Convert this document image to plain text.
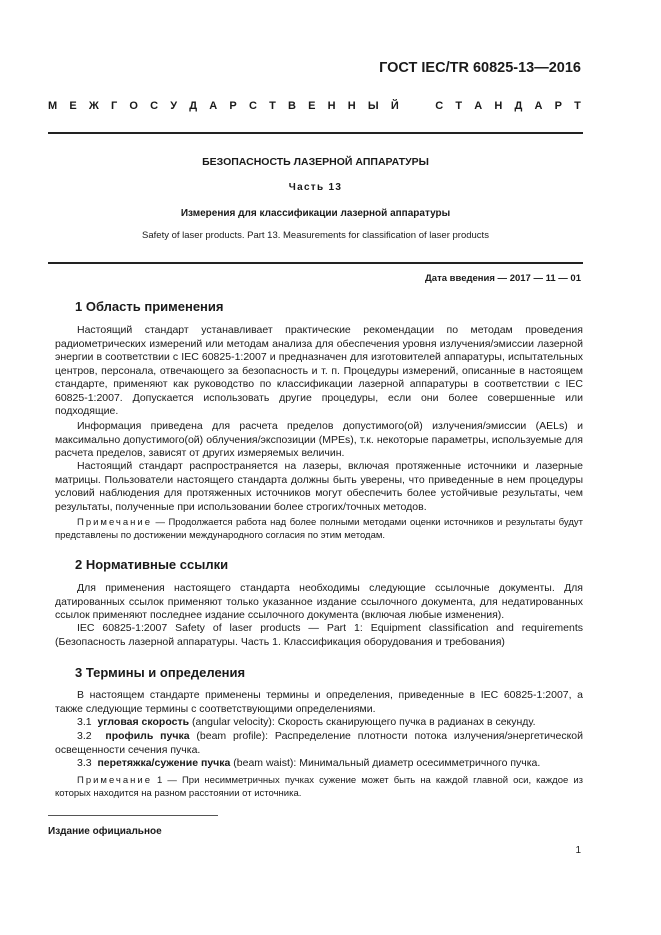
ГОСТ IEC/TR 60825-13—2016
М Е Ж Г О С У Д А Р С Т В Е Н Н Ы Й	С Т А Н Д А Р Т
БЕЗОПАСНОСТЬ ЛАЗЕРНОЙ АППАРАТУРЫ
Часть 13
Измерения для классификации лазерной аппаратуры
Safety of laser products. Part 13. Measurements for classification of laser products
Дата введения — 2017 — 11 — 01
1 Область применения

Настоящий стандарт устанавливает практические рекомендации по методам проведения радиометрических измерений или методам анализа для обеспечения уровня излучения/эмиссии лазерной энергии в соответствии с IEC 60825-1:2007 и предназначен для изготовителей аппаратуры, испытательных центров, персонала, отвечающего за безопасность и т. п. Процедуры измерений, описанные в настоящем стандарте, применяют как руководство по классификации лазерной аппаратуры в соответствии с IEC 60825-1:2007. Допускается использовать другие процедуры, если они более совершенные или подходящие.

Информация приведена для расчета пределов допустимого(ой) излучения/эмиссии (AELs) и максимально допустимого(ой) облучения/экспозиции (MPEs), т.к. некоторые параметры, используемые для расчета пределов, зависят от других измеряемых величин.

Настоящий стандарт распространяется на лазеры, включая протяженные источники и лазерные матрицы. Пользователи настоящего стандарта должны быть уверены, что приведенные в нем процедуры условий наблюдения для протяженных источников могут обеспечить более устойчивые результаты, чем результаты, полученные при использовании более строгих/точных методов.

Примечание — Продолжается работа над более полными методами оценки источников и результаты будут представлены по достижении международного согласия по этим методам.

2 Нормативные ссылки

Для применения настоящего стандарта необходимы следующие ссылочные документы. Для датированных ссылок применяют только указанное издание ссылочного документа, для недатированных ссылок применяют последнее издание ссылочного документа (включая любые изменения).

IEC 60825-1:2007 Safety of laser products — Part 1: Equipment classification and requirements (Безопасность лазерной аппаратуры. Часть 1. Классификация оборудования и требования)

3 Термины и определения

В настоящем стандарте применены термины и определения, приведенные в IEC 60825-1:2007, а также следующие термины с соответствующими определениями.

3.1 угловая скорость (angular velocity): Скорость сканирующего пучка в радианах в секунду.

3.2 профиль пучка (beam profile): Распределение плотности потока излучения/энергетической освещенности сечения пучка.

3.3 перетяжка/сужение пучка (beam waist): Минимальный диаметр осесимметричного пучка.

Примечание 1 — При несимметричных пучках сужение может быть на каждой главной оси, каждое из которых находится на разном расстоянии от источника.

Издание официальное
1
